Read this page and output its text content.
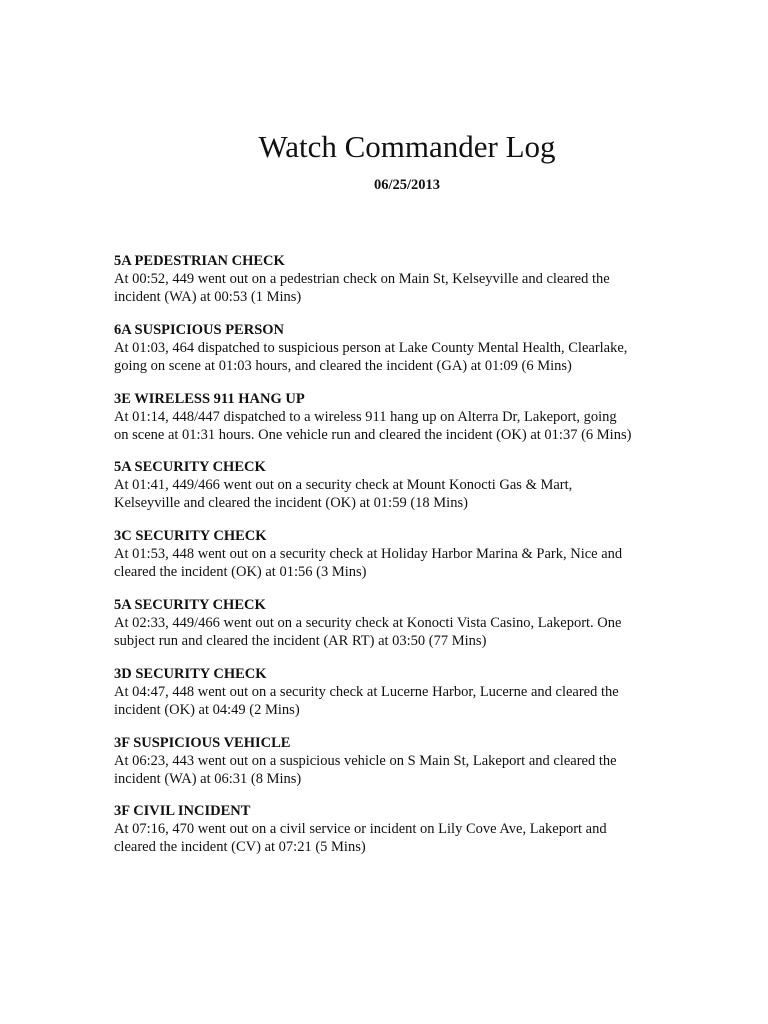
Watch Commander Log
06/25/2013
5A PEDESTRIAN CHECK
At 00:52, 449 went out on a pedestrian check on Main St, Kelseyville and cleared the
incident (WA) at 00:53 (1 Mins)
6A SUSPICIOUS PERSON
At 01:03, 464 dispatched to suspicious person at Lake County Mental Health, Clearlake,
going on scene at 01:03 hours, and cleared the incident (GA) at 01:09 (6 Mins)
3E WIRELESS 911 HANG UP
At 01:14, 448/447 dispatched to a wireless 911 hang up on Alterra Dr, Lakeport, going
on scene at 01:31 hours. One vehicle run and cleared the incident (OK) at 01:37 (6 Mins)
5A SECURITY CHECK
At 01:41, 449/466 went out on a security check at Mount Konocti Gas & Mart,
Kelseyville and cleared the incident (OK) at 01:59 (18 Mins)
3C SECURITY CHECK
At 01:53, 448 went out on a security check at Holiday Harbor Marina & Park, Nice and
cleared the incident (OK) at 01:56 (3 Mins)
5A SECURITY CHECK
At 02:33, 449/466 went out on a security check at Konocti Vista Casino, Lakeport. One
subject run and cleared the incident (AR RT) at 03:50 (77 Mins)
3D SECURITY CHECK
At 04:47, 448 went out on a security check at Lucerne Harbor, Lucerne and cleared the
incident (OK) at 04:49 (2 Mins)
3F SUSPICIOUS VEHICLE
At 06:23, 443 went out on a suspicious vehicle on S Main St, Lakeport and cleared the
incident (WA) at 06:31 (8 Mins)
3F CIVIL INCIDENT
At 07:16, 470 went out on a civil service or incident on Lily Cove Ave, Lakeport and
cleared the incident (CV) at 07:21 (5 Mins)
